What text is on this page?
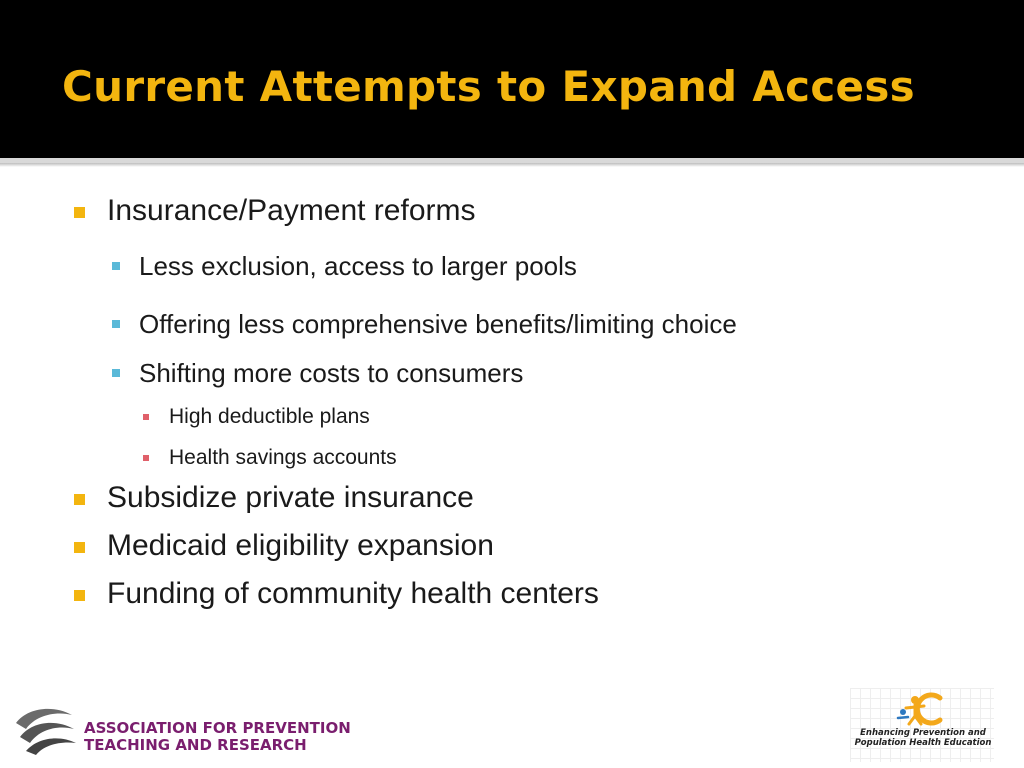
Current Attempts to Expand Access
Insurance/Payment reforms
Less exclusion, access to larger pools
Offering less comprehensive benefits/limiting choice
Shifting more costs to consumers
High deductible plans
Health savings accounts
Subsidize private insurance
Medicaid eligibility expansion
Funding of community health centers

ASSOCIATION FOR PREVENTION
TEACHING AND RESEARCH

Enhancing Prevention and
Population Health Education
